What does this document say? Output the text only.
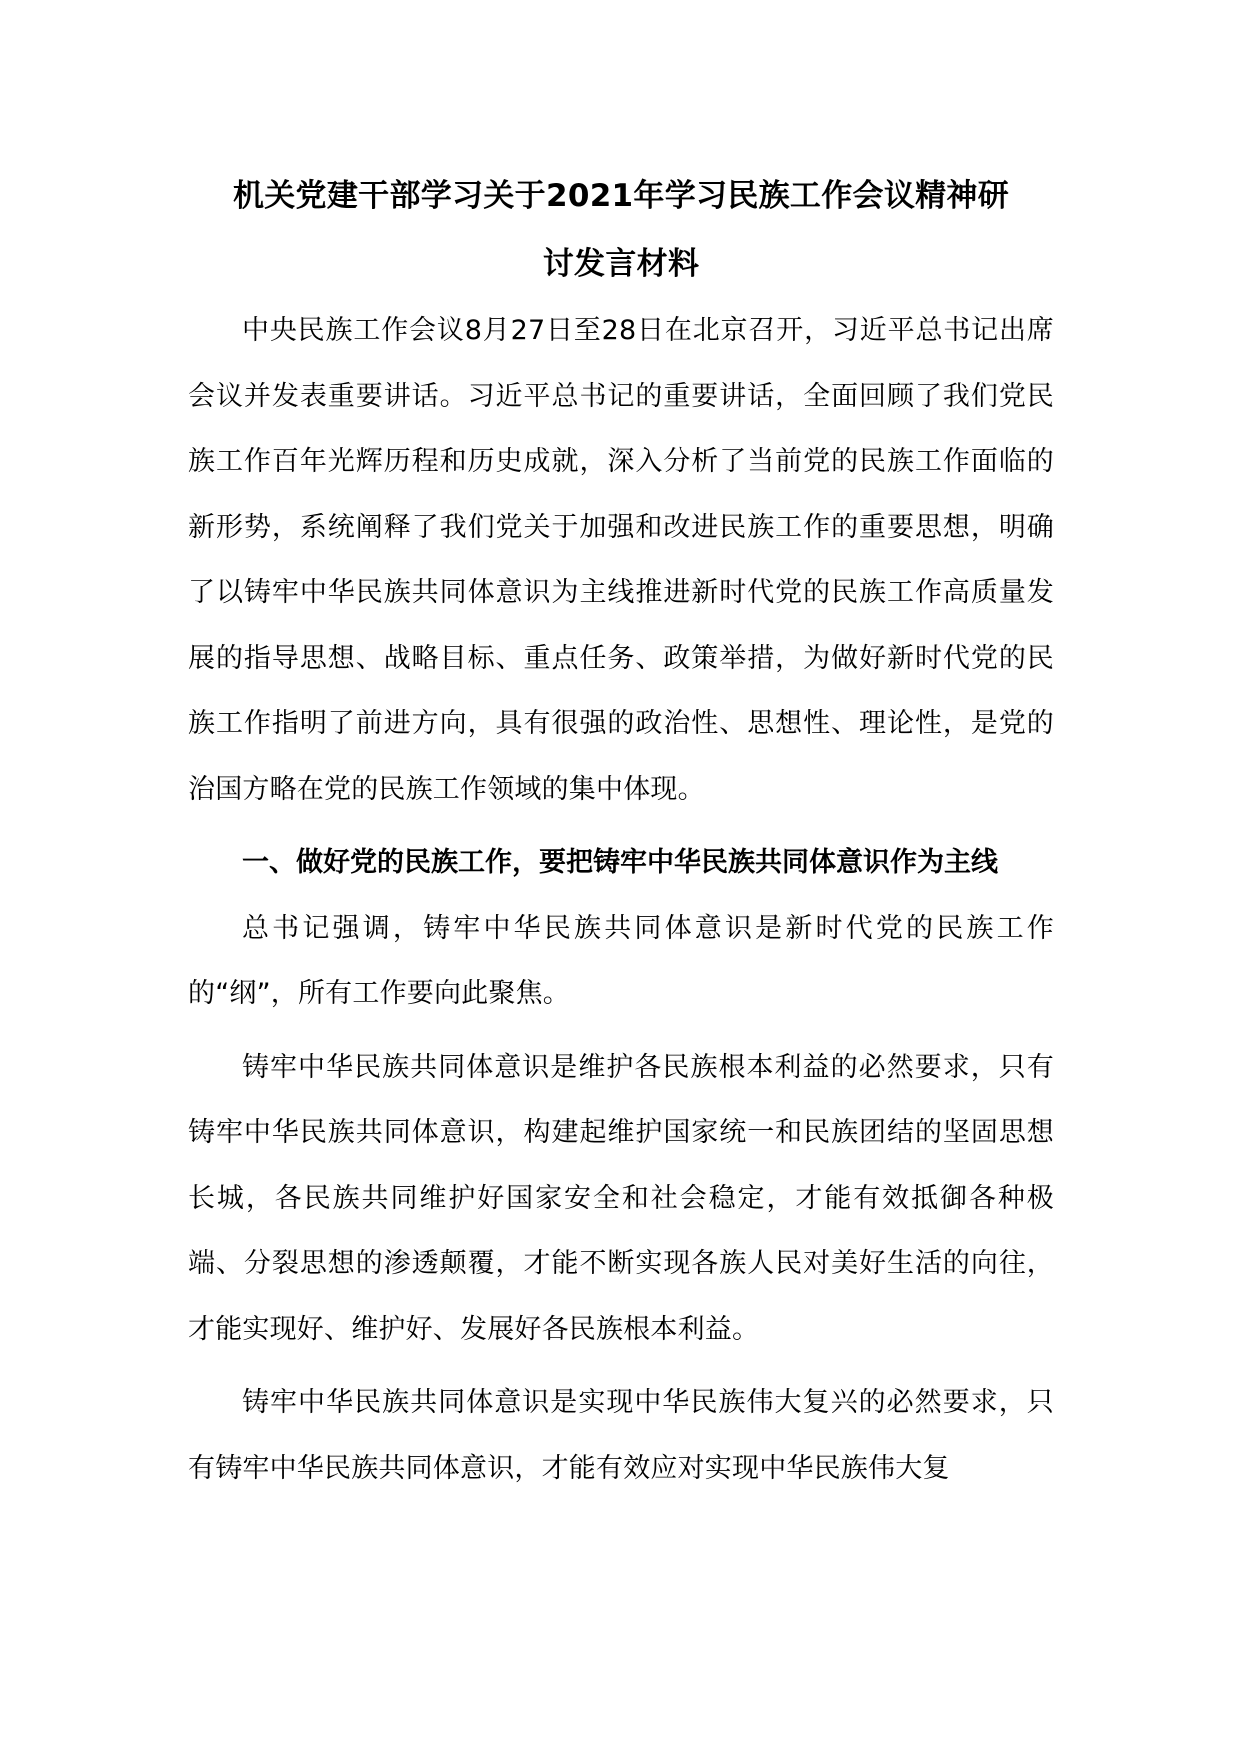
机关党建干部学习关于2021年学习民族工作会议精神研
讨发言材料

中央民族工作会议8月27日至28日在北京召开，习近平总书记出席会议并发表重要讲话。习近平总书记的重要讲话，全面回顾了我们党民族工作百年光辉历程和历史成就，深入分析了当前党的民族工作面临的新形势，系统阐释了我们党关于加强和改进民族工作的重要思想，明确了以铸牢中华民族共同体意识为主线推进新时代党的民族工作高质量发展的指导思想、战略目标、重点任务、政策举措，为做好新时代党的民族工作指明了前进方向，具有很强的政治性、思想性、理论性，是党的治国方略在党的民族工作领域的集中体现。

一、做好党的民族工作，要把铸牢中华民族共同体意识作为主线

总书记强调，铸牢中华民族共同体意识是新时代党的民族工作的“纲”，所有工作要向此聚焦。

铸牢中华民族共同体意识是维护各民族根本利益的必然要求，只有铸牢中华民族共同体意识，构建起维护国家统一和民族团结的坚固思想长城，各民族共同维护好国家安全和社会稳定，才能有效抵御各种极端、分裂思想的渗透颠覆，才能不断实现各族人民对美好生活的向往，才能实现好、维护好、发展好各民族根本利益。

铸牢中华民族共同体意识是实现中华民族伟大复兴的必然要求，只有铸牢中华民族共同体意识，才能有效应对实现中华民族伟大复
